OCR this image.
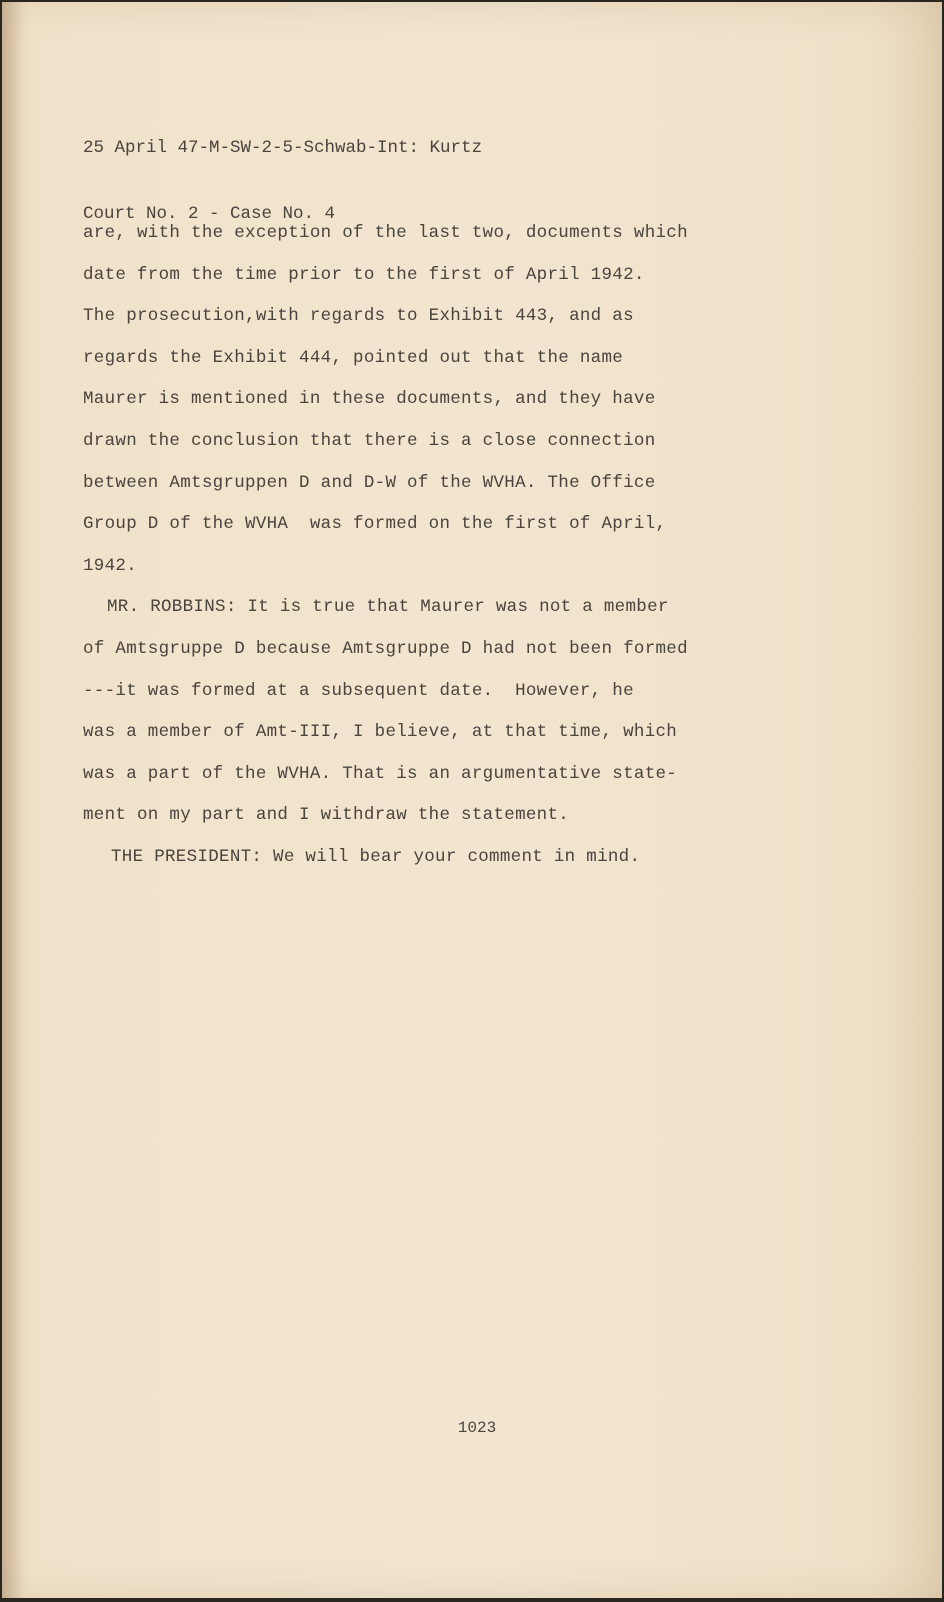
25 April 47-M-SW-2-5-Schwab-Int: Kurtz

Court No. 2 - Case No. 4

are, with the exception of the last two, documents which
date from the time prior to the first of April 1942.
The prosecution,with regards to Exhibit 443, and as
regards the Exhibit 444, pointed out that the name
Maurer is mentioned in these documents, and they have
drawn the conclusion that there is a close connection
between Amtsgruppen D and D-W of the WVHA. The Office
Group D of the WVHA  was formed on the first of April,
1942.
MR. ROBBINS: It is true that Maurer was not a member
of Amtsgruppe D because Amtsgruppe D had not been formed
---it was formed at a subsequent date.  However, he
was a member of Amt-III, I believe, at that time, which
was a part of the WVHA. That is an argumentative state-
ment on my part and I withdraw the statement.
THE PRESIDENT: We will bear your comment in mind.
1023
